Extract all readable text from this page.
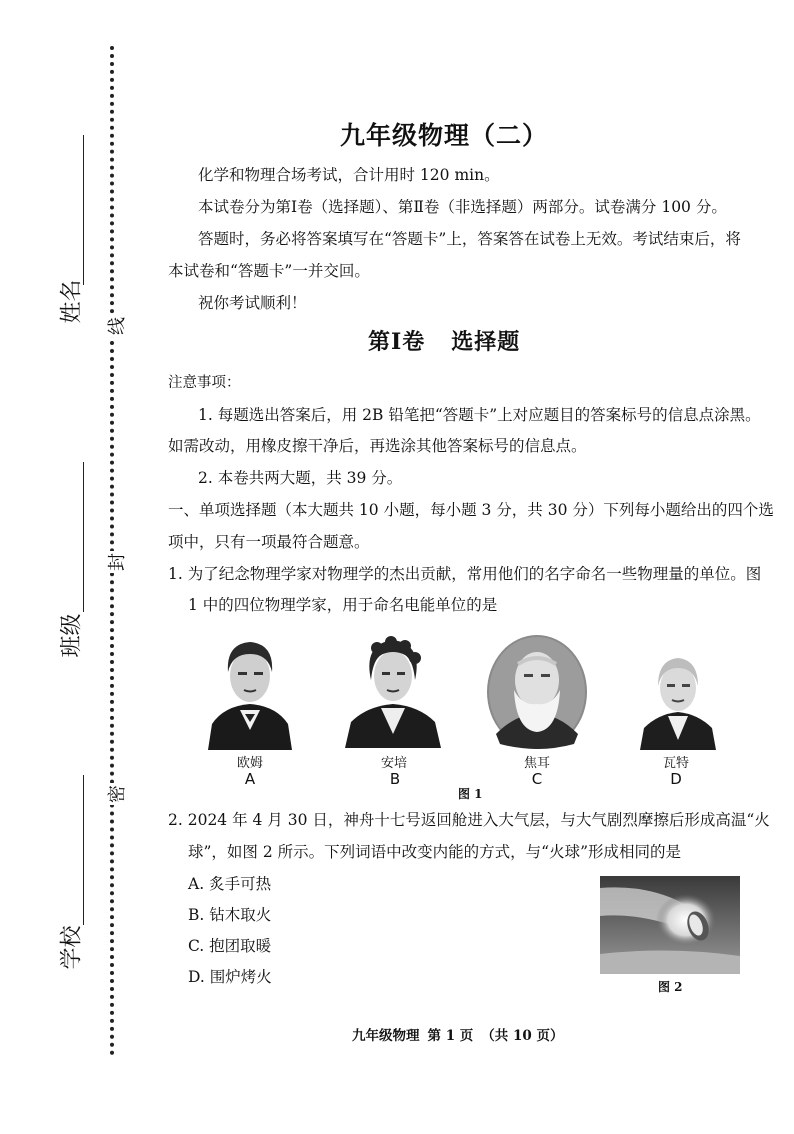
线
封
密
姓名
班级
学校
九年级物理（二）
化学和物理合场考试，合计用时 120 min。
本试卷分为第Ⅰ卷（选择题）、第Ⅱ卷（非选择题）两部分。试卷满分 100 分。
答题时，务必将答案填写在“答题卡”上，答案答在试卷上无效。考试结束后，将
本试卷和“答题卡”一并交回。
祝你考试顺利！
第Ⅰ卷 选择题
注意事项：
1. 每题选出答案后，用 2B 铅笔把“答题卡”上对应题目的答案标号的信息点涂黑。
如需改动，用橡皮擦干净后，再选涂其他答案标号的信息点。
2. 本卷共两大题，共 39 分。
一、单项选择题（本大题共 10 小题，每小题 3 分，共 30 分）下列每小题给出的四个选
项中，只有一项最符合题意。
1. 为了纪念物理学家对物理学的杰出贡献，常用他们的名字命名一些物理量的单位。图
1 中的四位物理学家，用于命名电能单位的是
欧姆
A
安培
B
焦耳
C
瓦特
D
图 1
2. 2024 年 4 月 30 日，神舟十七号返回舱进入大气层，与大气剧烈摩擦后形成高温“火
球”，如图 2 所示。下列词语中改变内能的方式，与“火球”形成相同的是
A. 炙手可热
B. 钻木取火
C. 抱团取暖
D. 围炉烤火
图 2
九年级物理 第 1 页 （共 10 页）
